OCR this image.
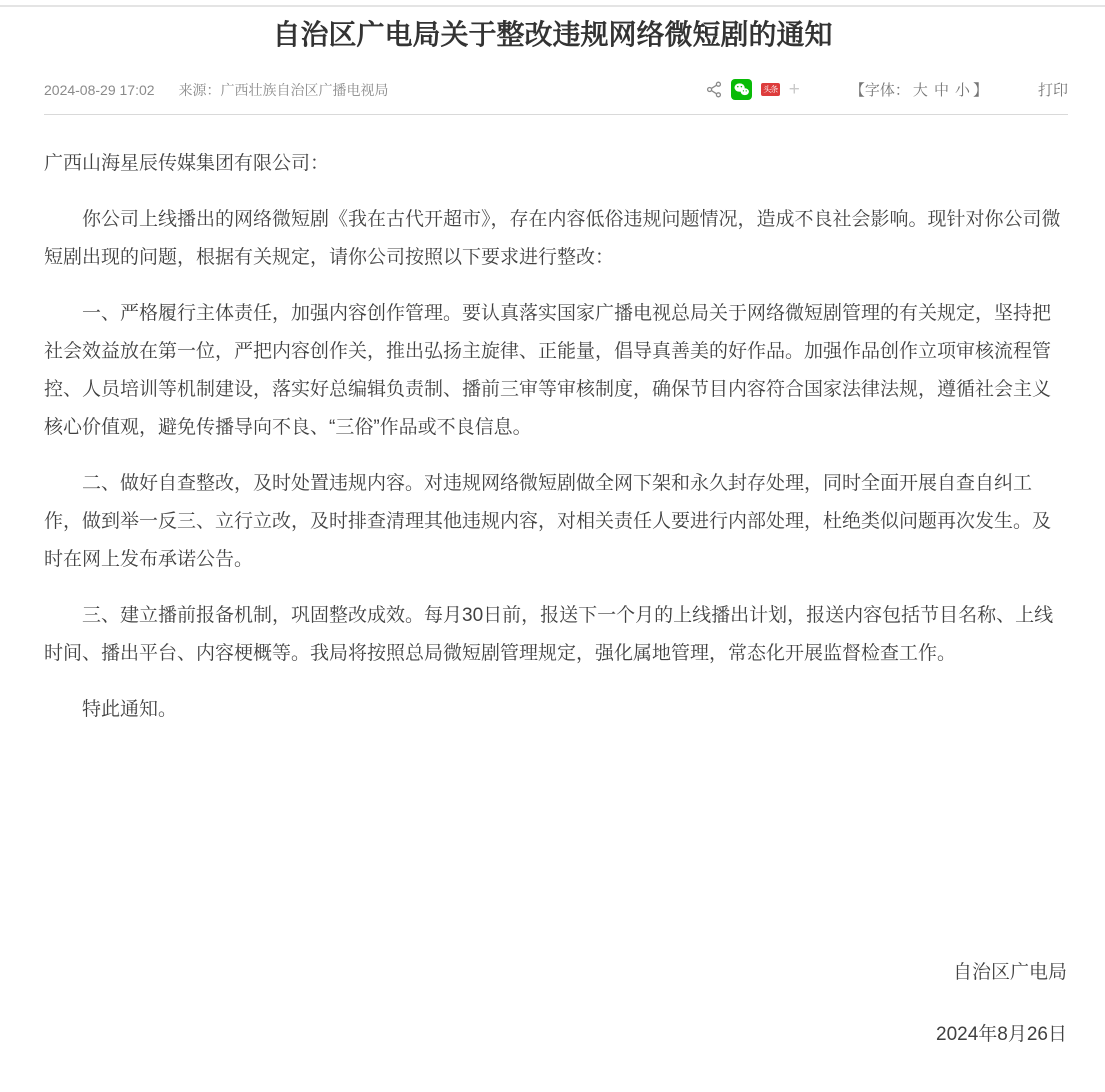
自治区广电局关于整改违规网络微短剧的通知
2024-08-29 17:02 来源：广西壮族自治区广播电视局	头条 +	【字体： 大 中 小 】	打印

广西山海星辰传媒集团有限公司：

你公司上线播出的网络微短剧《我在古代开超市》，存在内容低俗违规问题情况，造成不良社会影响。现针对你公司微短剧出现的问题，根据有关规定，请你公司按照以下要求进行整改：

一、严格履行主体责任，加强内容创作管理。要认真落实国家广播电视总局关于网络微短剧管理的有关规定，坚持把社会效益放在第一位，严把内容创作关，推出弘扬主旋律、正能量，倡导真善美的好作品。加强作品创作立项审核流程管控、人员培训等机制建设，落实好总编辑负责制、播前三审等审核制度，确保节目内容符合国家法律法规，遵循社会主义核心价值观，避免传播导向不良、“三俗”作品或不良信息。

二、做好自查整改，及时处置违规内容。对违规网络微短剧做全网下架和永久封存处理，同时全面开展自查自纠工作，做到举一反三、立行立改，及时排查清理其他违规内容，对相关责任人要进行内部处理，杜绝类似问题再次发生。及时在网上发布承诺公告。

三、建立播前报备机制，巩固整改成效。每月30日前，报送下一个月的上线播出计划，报送内容包括节目名称、上线时间、播出平台、内容梗概等。我局将按照总局微短剧管理规定，强化属地管理，常态化开展监督检查工作。

特此通知。

自治区广电局

2024年8月26日
